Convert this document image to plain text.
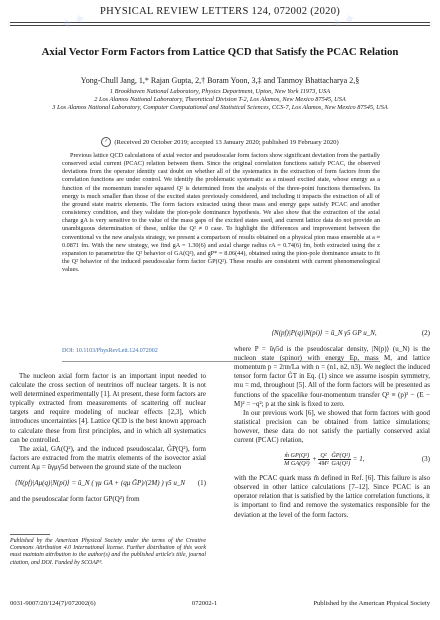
PHYSICAL REVIEW LETTERS 124, 072002 (2020)
Axial Vector Form Factors from Lattice QCD that Satisfy the PCAC Relation
Yong-Chull Jang, 1,* Rajan Gupta, 2,† Boram Yoon, 3,‡ and Tanmoy Bhattacharya 2,§
1 Brookhaven National Laboratory, Physics Department, Upton, New York 11973, USA
2 Los Alamos National Laboratory, Theoretical Division T-2, Los Alamos, New Mexico 87545, USA
3 Los Alamos National Laboratory, Computer Computational and Statistical Sciences, CCS-7, Los Alamos, New Mexico 87545, USA
✓ (Received 20 October 2019; accepted 13 January 2020; published 19 February 2020)

Previous lattice QCD calculations of axial vector and pseudoscalar form factors show significant deviation from the partially conserved axial current (PCAC) relation between them. Since the original correlation functions satisfy PCAC, the observed deviations from the operator identity cast doubt on whether all of the systematics in the extraction of form factors from the correlation functions are under control. We identify the problematic systematic as a missed excited state, whose energy as a function of the momentum transfer squared Q² is determined from the analysis of the three-point functions themselves. Its energy is much smaller than those of the excited states previously considered, and including it impacts the extraction of all of the ground state matrix elements. The form factors extracted using these mass and energy gaps satisfy PCAC and another consistency condition, and they validate the pion-pole dominance hypothesis. We also show that the extraction of the axial charge gA is very sensitive to the value of the mass gaps of the excited states used, and current lattice data do not provide an unambiguous determination of these, unlike the Q² ≠ 0 case. To highlight the differences and improvement between the conventional vs the new analysis strategy, we present a comparison of results obtained on a physical pion mass ensemble at a ≈ 0.0871 fm. With the new strategy, we find gA = 1.30(6) and axial charge radius rA = 0.74(6) fm, both extracted using the z expansion to parametrize the Q² behavior of GA(Q²), and gP* = 8.06(44), obtained using the pion-pole dominance ansatz to fit the Q² behavior of the induced pseudoscalar form factor G̃P(Q²). These results are consistent with current phenomenological values.

DOI: 10.1103/PhysRevLett.124.072002

The nucleon axial form factor is an important input needed to calculate the cross section of neutrinos off nuclear targets. It is not well determined experimentally [1]. At present, these form factors are typically extracted from measurements of scattering off nuclear targets and require modeling of nuclear effects [2,3], which introduces uncertainties [4]. Lattice QCD is the best known approach to calculate these from first principles, and in which all systematics can be controlled.

The axial, GA(Q²), and the induced pseudoscalar, G̃P(Q²), form factors are extracted from the matrix elements of the isovector axial current Aμ = ūγμγ5d between the ground state of the nucleon

⟨N(pf)|Aμ(q)|N(pi)⟩ = ū_N ( γμ GA + (qμ G̃P)/(2M) ) γ5 u_N	(1)

and the pseudoscalar form factor GP(Q²) from

⟨N(pf)|P(q)|N(pi)⟩ = ū_N γ5 GP u_N,	(2)

where P = ūγ5d is the pseudoscalar density, |N(p)⟩ (u_N) is the nucleon state (spinor) with energy Ep, mass M, and lattice momentum p = 2πn/La with n = (n1, n2, n3). We neglect the induced tensor form factor G̃T in Eq. (1) since we assume isospin symmetry, mu = md, throughout [5]. All of the form factors will be presented as functions of the spacelike four-momentum transfer Q² ≡ (p)² − (E − M)² = −q²; p at the sink is fixed to zero.

In our previous work [6], we showed that form factors with good statistical precision can be obtained from lattice simulations; however, these data do not satisfy the partially conserved axial current (PCAC) relation,

$\frac{\text{m̂ GP(Q²)}}{\text{M GA(Q²)}} + \frac{\text{Q²}}{\text{4M²}}$
$\frac{\text{G̃P(Q²)}}{\text{GA(Q²)}} = 1$,	(3)

with the PCAC quark mass m̂ defined in Ref. [6]. This failure is also observed in other lattice calculations [7–12]. Since PCAC is an operator relation that is satisfied by the lattice correlation functions, it is important to find and remove the systematics responsible for the deviation at the level of the form factors.

Published by the American Physical Society under the terms of the Creative Commons Attribution 4.0 International license. Further distribution of this work must maintain attribution to the author(s) and the published article's title, journal citation, and DOI. Funded by SCOAP³.
0031-9007/20/124(7)/072002(6)	072002-1	Published by the American Physical Society
✦✦	✦✦
